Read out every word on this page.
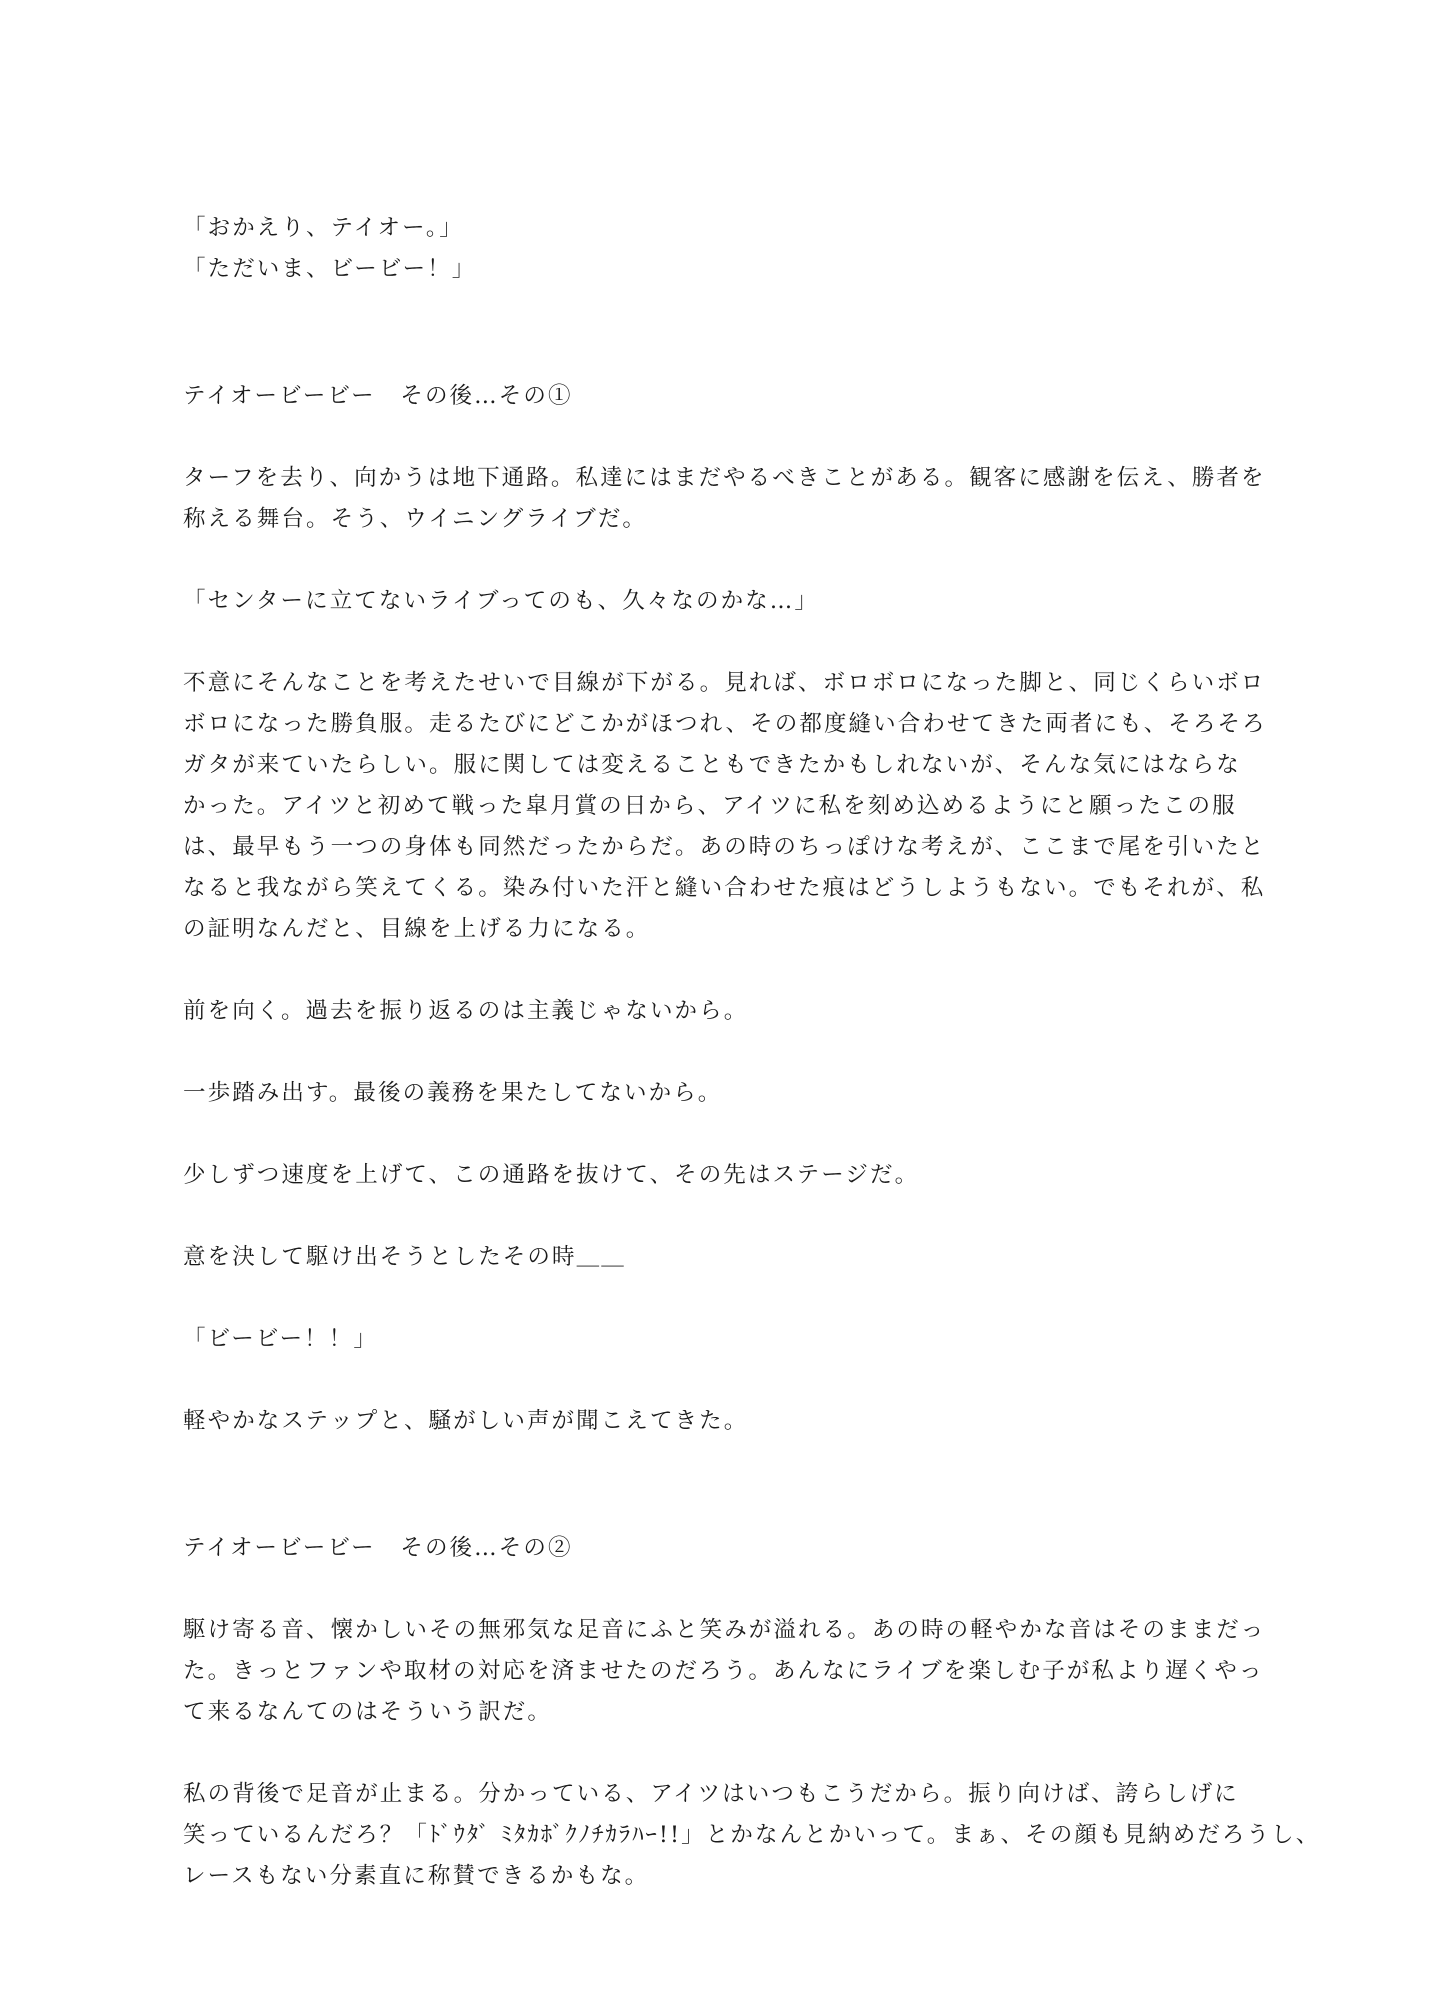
「おかえり、テイオー。」
「ただいま、ビービー！」
テイオービービー　その後…その①
ターフを去り、向かうは地下通路。私達にはまだやるべきことがある。観客に感謝を伝え、勝者を
称える舞台。そう、ウイニングライブだ。
「センターに立てないライブってのも、久々なのかな…」
不意にそんなことを考えたせいで目線が下がる。見れば、ボロボロになった脚と、同じくらいボロ
ボロになった勝負服。走るたびにどこかがほつれ、その都度縫い合わせてきた両者にも、そろそろ
ガタが来ていたらしい。服に関しては変えることもできたかもしれないが、そんな気にはならな
かった。アイツと初めて戦った皐月賞の日から、アイツに私を刻め込めるようにと願ったこの服
は、最早もう一つの身体も同然だったからだ。あの時のちっぽけな考えが、ここまで尾を引いたと
なると我ながら笑えてくる。染み付いた汗と縫い合わせた痕はどうしようもない。でもそれが、私
の証明なんだと、目線を上げる力になる。
前を向く。過去を振り返るのは主義じゃないから。
一歩踏み出す。最後の義務を果たしてないから。
少しずつ速度を上げて、この通路を抜けて、その先はステージだ。
意を決して駆け出そうとしたその時＿＿
「ビービー！！」
軽やかなステップと、騒がしい声が聞こえてきた。
テイオービービー　その後…その②
駆け寄る音、懐かしいその無邪気な足音にふと笑みが溢れる。あの時の軽やかな音はそのままだっ
た。きっとファンや取材の対応を済ませたのだろう。あんなにライブを楽しむ子が私より遅くやっ
て来るなんてのはそういう訳だ。
私の背後で足音が止まる。分かっている、アイツはいつもこうだから。振り向けば、誇らしげに
笑っているんだろ？「ﾄﾞｳﾀﾞ ﾐﾀｶﾎﾞｸﾉﾁｶﾗﾊｰ!!」とかなんとかいって。まぁ、その顔も見納めだろうし、
レースもない分素直に称賛できるかもな。
